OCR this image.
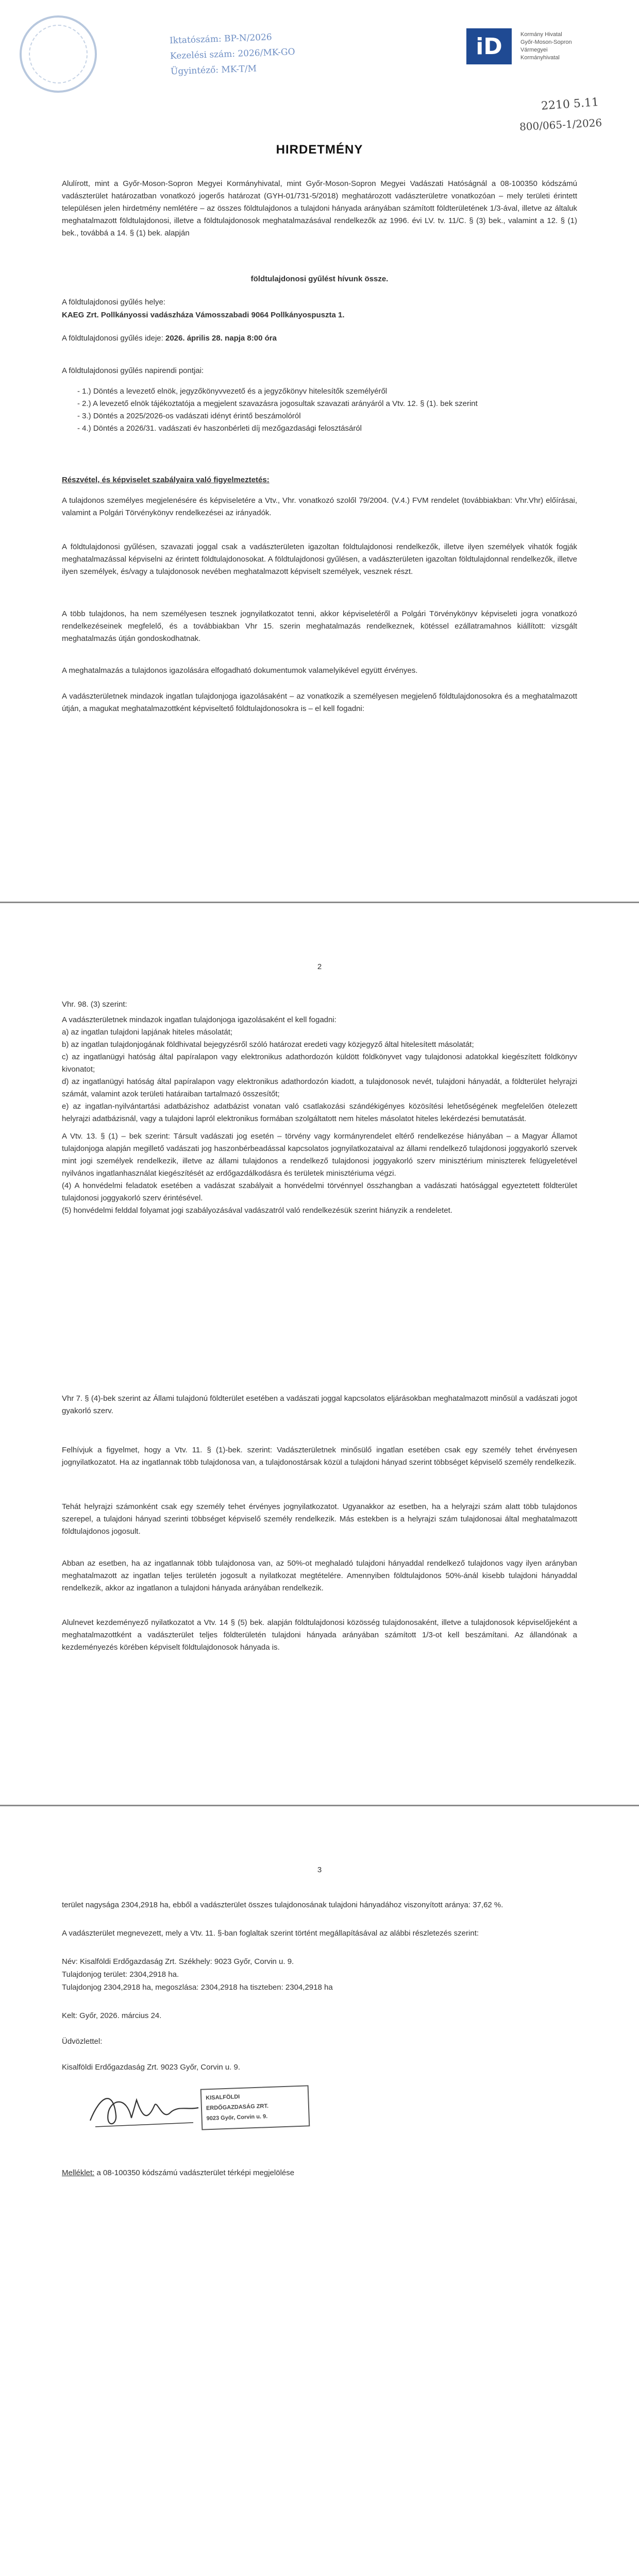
Iktatószám: BP-N/2026
Kezelési szám: 2026/MK-GO
Ügyintéző: MK-T/M
iD	Kormány Hivatal
Győr-Moson-Sopron
Vármegyei
Kormányhivatal
2210 5.11
800/065-1/2026
HIRDETMÉNY
Alulírott, mint a Győr-Moson-Sopron Megyei Kormányhivatal, mint Győr-Moson-Sopron Megyei Vadászati Hatóságnál a 08-100350 kódszámú vadászterület határozatban vonatkozó jogerős határozat (GYH-01/731-5/2018) meghatározott vadászterületre vonatkozóan – mely területi érintett településen jelen hirdetmény nemlétére – az összes földtulajdonos a tulajdoni hányada arányában számított földterületének 1/3-ával, illetve az általuk meghatalmazott földtulajdonosi, illetve a földtulajdonosok meghatalmazásával rendelkezők az 1996. évi LV. tv. 11/C. § (3) bek., valamint a 12. § (1) bek., továbbá a 14. § (1) bek. alapján
földtulajdonosi gyűlést hívunk össze.
A földtulajdonosi gyűlés helye:
KAEG Zrt. Pollkányossi vadászháza Vámosszabadi 9064 Pollkányospuszta 1.
A földtulajdonosi gyűlés ideje: 2026. április 28. napja 8:00 óra
A földtulajdonosi gyűlés napirendi pontjai:
- 1.) Döntés a levezető elnök, jegyzőkönyvvezető és a jegyzőkönyv hitelesítők személyéről
- 2.) A levezető elnök tájékoztatója a megjelent szavazásra jogosultak szavazati arányáról a Vtv. 12. § (1). bek szerint
- 3.) Döntés a 2025/2026-os vadászati idényt érintő beszámolóról
- 4.) Döntés a 2026/31. vadászati év haszonbérleti díj mezőgazdasági felosztásáról
Részvétel, és képviselet szabályaira való figyelmeztetés:
A tulajdonos személyes megjelenésére és képviseletére a Vtv., Vhr. vonatkozó szolől 79/2004. (V.4.) FVM rendelet (továbbiakban: Vhr.Vhr) előírásai, valamint a Polgári Törvénykönyv rendelkezései az irányadók.
A földtulajdonosi gyűlésen, szavazati joggal csak a vadászterületen igazoltan földtulajdonosi rendelkezők, illetve ilyen személyek vihatók fogják meghatalmazással képviselni az érintett földtulajdonosokat. A földtulajdonosi gyűlésen, a vadászterületen igazoltan földtulajdonnal rendelkezők, illetve ilyen személyek, és/vagy a tulajdonosok nevében meghatalmazott képviselt személyek, vesznek részt.
A több tulajdonos, ha nem személyesen tesznek jognyilatkozatot tenni, akkor képviseletéről a Polgári Törvénykönyv képviseleti jogra vonatkozó rendelkezéseinek megfelelő, és a továbbiakban Vhr 15. szerin meghatalmazás rendelkeznek, kötéssel ezállatramahnos kiállított: vizsgált meghatalmazás útján gondoskodhatnak.
A meghatalmazás a tulajdonos igazolására elfogadható dokumentumok valamelyikével együtt érvényes.
A vadászterületnek mindazok ingatlan tulajdonjoga igazolásaként – az vonatkozik a személyesen megjelenő földtulajdonosokra és a meghatalmazott útján, a magukat meghatalmazottként képviseltető földtulajdonosokra is – el kell fogadni:
2
Vhr. 98. (3) szerint:
A vadászterületnek mindazok ingatlan tulajdonjoga igazolásaként el kell fogadni:
a) az ingatlan tulajdoni lapjának hiteles másolatát;
b) az ingatlan tulajdonjogának földhivatal bejegyzésről szóló határozat eredeti vagy közjegyző által hitelesített másolatát;
c) az ingatlanügyi hatóság által papíralapon vagy elektronikus adathordozón küldött földkönyvet vagy tulajdonosi adatokkal kiegészített földkönyv kivonatot;
d) az ingatlanügyi hatóság által papíralapon vagy elektronikus adathordozón kiadott, a tulajdonosok nevét, tulajdoni hányadát, a földterület helyrajzi számát, valamint azok területi határaiban tartalmazó összesítőt;
e) az ingatlan-nyilvántartási adatbázishoz adatbázist vonatan való csatlakozási szándékigényes közösítési lehetőségének megfelelően ötelezett helyrajzi adatbázisnál, vagy a tulajdoni lapról elektronikus formában szolgáltatott nem hiteles másolatot hiteles lekérdezési bemutatását.
A Vtv. 13. § (1) – bek szerint: Társult vadászati jog esetén – törvény vagy kormányrendelet eltérő rendelkezése hiányában – a Magyar Államot tulajdonjoga alapján megillető vadászati jog haszonbérbeadással kapcsolatos jognyilatkozataival az állami rendelkező tulajdonosi joggyakorló szervek mint jogi személyek rendelkezik, illetve az állami tulajdonos a rendelkező tulajdonosi joggyakorló szerv minisztérium miniszterek felügyeletével nyilvános ingatlanhasználat kiegészítését az erdőgazdálkodásra és területek minisztériuma végzi.
(4) A honvédelmi feladatok esetében a vadászat szabályait a honvédelmi törvénnyel összhangban a vadászati hatósággal egyeztetett földterület tulajdonosi joggyakorló szerv érintésével.
(5) honvédelmi felddal folyamat jogi szabályozásával vadászatról való rendelkezésük szerint hiányzik a rendeletet.
Vhr 7. § (4)-bek szerint az Állami tulajdonú földterület esetében a vadászati joggal kapcsolatos eljárásokban meghatalmazott minősül a vadászati jogot gyakorló szerv.
Felhívjuk a figyelmet, hogy a Vtv. 11. § (1)-bek. szerint: Vadászterületnek minősülő ingatlan esetében csak egy személy tehet érvényesen jognyilatkozatot. Ha az ingatlannak több tulajdonosa van, a tulajdonostársak közül a tulajdoni hányad szerint többséget képviselő személy rendelkezik.
Tehát helyrajzi számonként csak egy személy tehet érvényes jognyilatkozatot. Ugyanakkor az esetben, ha a helyrajzi szám alatt több tulajdonos szerepel, a tulajdoni hányad szerinti többséget képviselő személy rendelkezik. Más estekben is a helyrajzi szám tulajdonosai által meghatalmazott földtulajdonos jogosult.
Abban az esetben, ha az ingatlannak több tulajdonosa van, az 50%-ot meghaladó tulajdoni hányaddal rendelkező tulajdonos vagy ilyen arányban meghatalmazott az ingatlan teljes területén jogosult a nyilatkozat megtételére. Amennyiben földtulajdonos 50%-ánál kisebb tulajdoni hányaddal rendelkezik, akkor az ingatlanon a tulajdoni hányada arányában rendelkezik.
Alulnevet kezdeményező nyilatkozatot a Vtv. 14 § (5) bek. alapján földtulajdonosi közösség tulajdonosaként, illetve a tulajdonosok képviselőjeként a meghatalmazottként a vadászterület teljes földterületén tulajdoni hányada arányában számított 1/3-ot kell beszámítani. Az állandónak a kezdeményezés körében képviselt földtulajdonosok hányada is.
3
terület nagysága 2304,2918 ha, ebből a vadászterület összes tulajdonosának tulajdoni hányadához viszonyított aránya: 37,62 %.
A vadászterület megnevezett, mely a Vtv. 11. §-ban foglaltak szerint történt megállapításával az alábbi részletezés szerint:
Név: Kisalföldi Erdőgazdaság Zrt. Székhely: 9023 Győr, Corvin u. 9.
Tulajdonjog terület: 2304,2918 ha.
Tulajdonjog 2304,2918 ha, megoszlása: 2304,2918 ha tiszteben: 2304,2918 ha
Kelt: Győr, 2026. március 24.
Üdvözlettel:
Kisalföldi Erdőgazdaság Zrt. 9023 Győr, Corvin u. 9.
KISALFÖLDI
ERDŐGAZDASÁG ZRT.
9023 Győr, Corvin u. 9.
Melléklet: a 08-100350 kódszámú vadászterület térképi megjelölése
